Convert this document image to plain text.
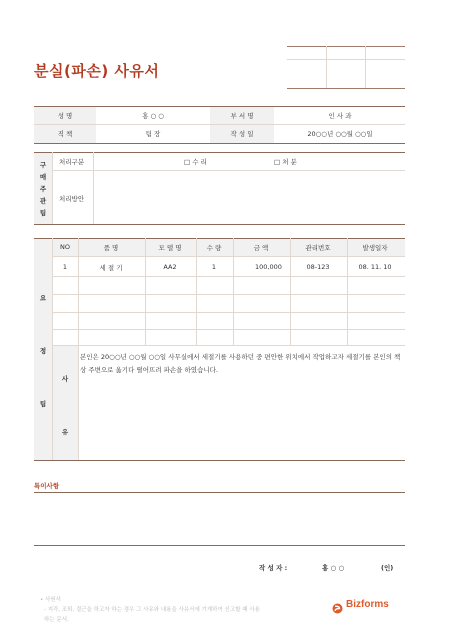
분실(파손) 사유서
성 명	홍 ○ ○	부 서 명	인 사 과
직 책	팀 장	작 성 일	20○○년 ○○월 ○○일
구
매
주
관
팀
처리구분	□ 수 리	□ 처 분
처리방안
요
정
팀
NO	품 명	모 델 명	수 량	금 액	관리번호	발생일자
1	세 절 기	AA2	1	100,000	08-123	08. 11. 10
사
유
본인은 20○○년 ○○월 ○○일 사무실에서 세절기를 사용하던 중 편안한 위치에서 작업하고자 세절기를 본인의 책상 주변으로 옮기다 떨어뜨려 파손을 하였습니다.
특이사항
작 성 자 :	홍 ○ ○	(인)
• 사원서
- 지각, 조퇴, 결근을 하고자 하는 경우 그 사유와 내용을 사유서에 기재하여 신고할 때 사용
하는 문서.
Bizforms
